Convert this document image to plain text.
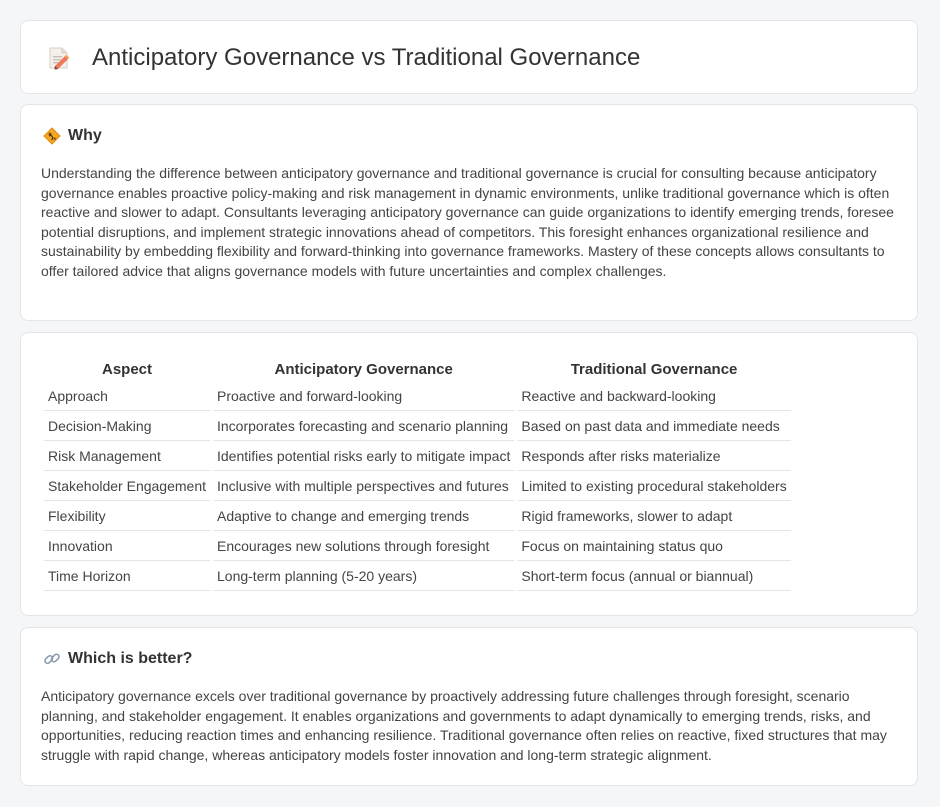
Anticipatory Governance vs Traditional Governance
Why

Understanding the difference between anticipatory governance and traditional governance is crucial for consulting because anticipatory governance enables proactive policy-making and risk management in dynamic environments, unlike traditional governance which is often reactive and slower to adapt. Consultants leveraging anticipatory governance can guide organizations to identify emerging trends, foresee potential disruptions, and implement strategic innovations ahead of competitors. This foresight enhances organizational resilience and sustainability by embedding flexibility and forward-thinking into governance frameworks. Mastery of these concepts allows consultants to offer tailored advice that aligns governance models with future uncertainties and complex challenges.

Aspect	Anticipatory Governance	Traditional Governance
Approach	Proactive and forward-looking	Reactive and backward-looking
Decision-Making	Incorporates forecasting and scenario planning	Based on past data and immediate needs
Risk Management	Identifies potential risks early to mitigate impact	Responds after risks materialize
Stakeholder Engagement	Inclusive with multiple perspectives and futures	Limited to existing procedural stakeholders
Flexibility	Adaptive to change and emerging trends	Rigid frameworks, slower to adapt
Innovation	Encourages new solutions through foresight	Focus on maintaining status quo
Time Horizon	Long-term planning (5-20 years)	Short-term focus (annual or biannual)
Which is better?

Anticipatory governance excels over traditional governance by proactively addressing future challenges through foresight, scenario planning, and stakeholder engagement. It enables organizations and governments to adapt dynamically to emerging trends, risks, and opportunities, reducing reaction times and enhancing resilience. Traditional governance often relies on reactive, fixed structures that may struggle with rapid change, whereas anticipatory models foster innovation and long-term strategic alignment.
